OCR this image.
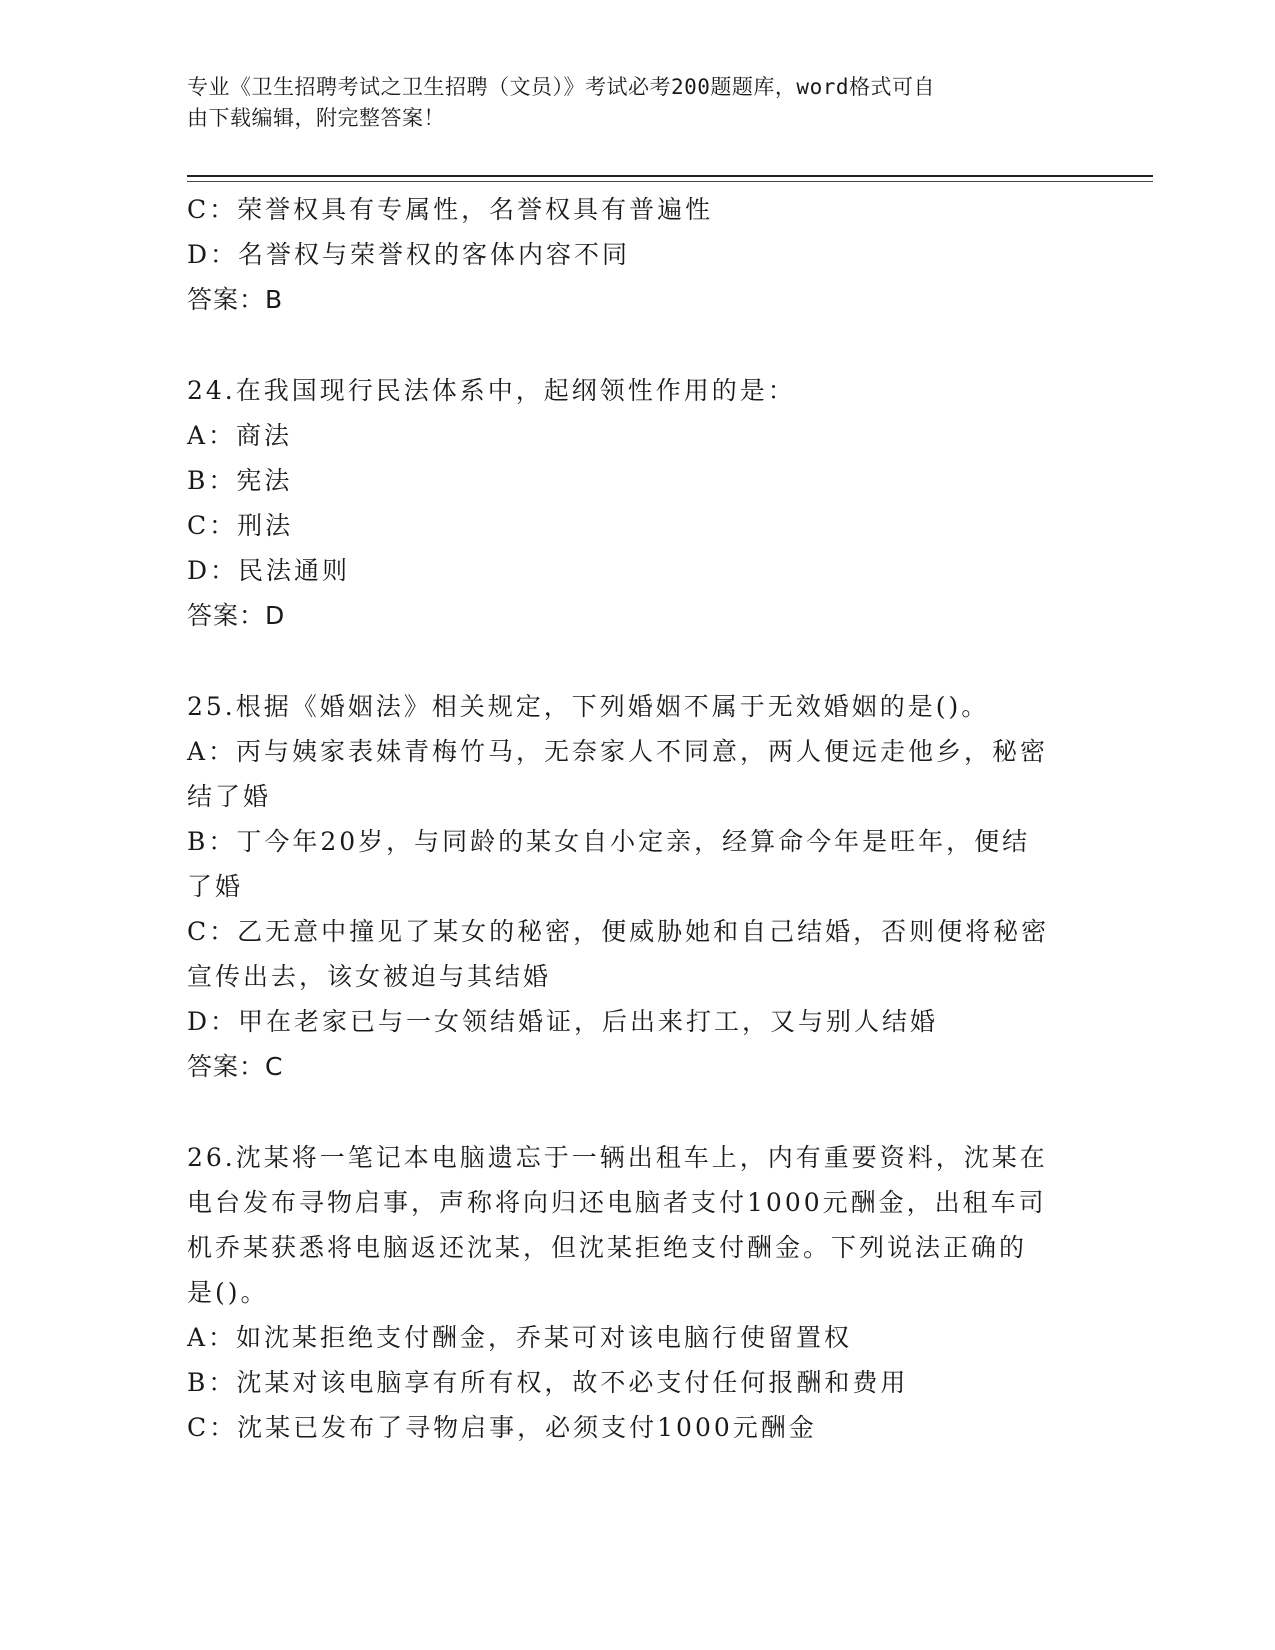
专业《卫生招聘考试之卫生招聘（文员）》考试必考200题题库，word格式可自
由下载编辑，附完整答案！
C：荣誉权具有专属性，名誉权具有普遍性
D：名誉权与荣誉权的客体内容不同
答案：B
24.在我国现行民法体系中，起纲领性作用的是：
A：商法
B：宪法
C：刑法
D：民法通则
答案：D
25.根据《婚姻法》相关规定，下列婚姻不属于无效婚姻的是()。
A：丙与姨家表妹青梅竹马，无奈家人不同意，两人便远走他乡，秘密
结了婚
B：丁今年20岁，与同龄的某女自小定亲，经算命今年是旺年，便结
了婚
C：乙无意中撞见了某女的秘密，便威胁她和自己结婚，否则便将秘密
宣传出去，该女被迫与其结婚
D：甲在老家已与一女领结婚证，后出来打工，又与别人结婚
答案：C
26.沈某将一笔记本电脑遗忘于一辆出租车上，内有重要资料，沈某在
电台发布寻物启事，声称将向归还电脑者支付1000元酬金，出租车司
机乔某获悉将电脑返还沈某，但沈某拒绝支付酬金。下列说法正确的
是()。
A：如沈某拒绝支付酬金，乔某可对该电脑行使留置权
B：沈某对该电脑享有所有权，故不必支付任何报酬和费用
C：沈某已发布了寻物启事，必须支付1000元酬金
